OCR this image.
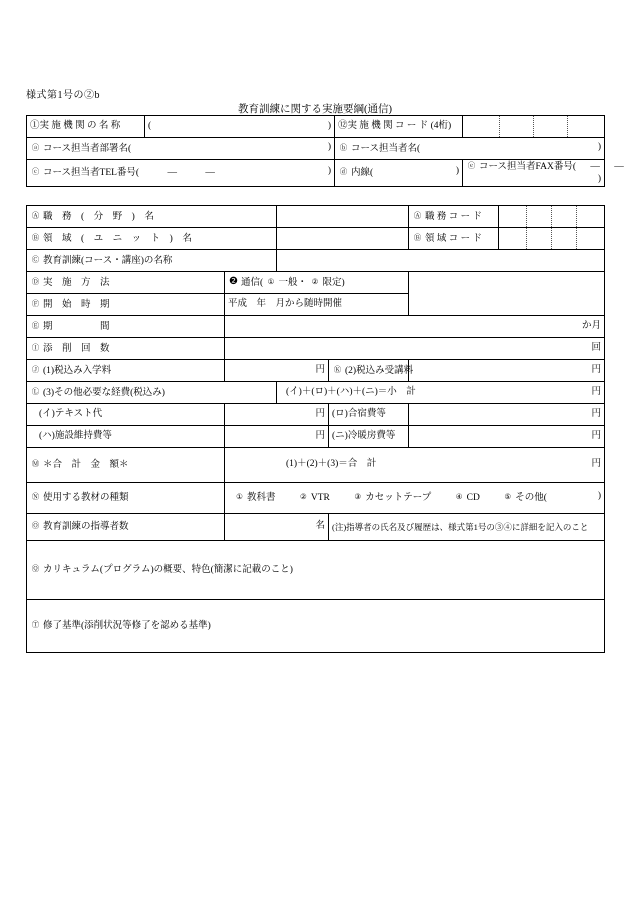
様式第1号の②b
教育訓練に関する実施要綱(通信)
①実 施 機 関 の 名 称	( )	⑫実 施 機 関 コ ー ド (4桁)	

ⓐ コース担当者部署名( )		ⓑ コース担当者名( )	

ⓒ コース担当者TEL番号( — — )		ⓓ 内線( )	ⓔ コース担当者FAX番号( — —
)
Ⓐ 職　務　(　分　野　)　名				Ⓐ 職 務 コ ー ド	

Ⓑ 領　域　(　ユ　ニ　ッ　ト　)　名				Ⓑ 領 域 コ ー ド	

Ⓒ 教育訓練(コース・講座)の名称					
Ⓓ 実　施　方　法	❷ 通信( ① 一般・ ② 限定)				
Ⓕ 開　始　時　期	平成　年　月から随時開催				
Ⓔ 期　　　　　間	か月				
Ⓘ 添　削　回　数	回				
Ⓙ (1)税込み入学料	円		Ⓚ (2)税込み受講料	円	
Ⓛ (3)その他必要な経費(税込み)		(イ)＋(ロ)＋(ハ)＋(ニ)＝小　計 円			
(イ)テキスト代	円		(ロ)合宿費等	円	
(ハ)施設維持費等	円		(ニ)冷暖房費等	円	
Ⓜ ＊合　計　金　額＊	(1)＋(2)＋(3)＝合　計 円				
Ⓝ 使用する教材の種類	① 教科書 ② VTR ③ カセットテープ ④ CD ⑤ その他( )				

Ⓞ 教育訓練の指導者数	名		(注)指導者の氏名及び履歴は、様式第1号の③④に詳細を記入のこと		
Ⓠ カリキュラム(プログラム)の概要、特色(簡潔に記載のこと)					
Ⓣ 修了基準(添削状況等修了を認める基準)					
